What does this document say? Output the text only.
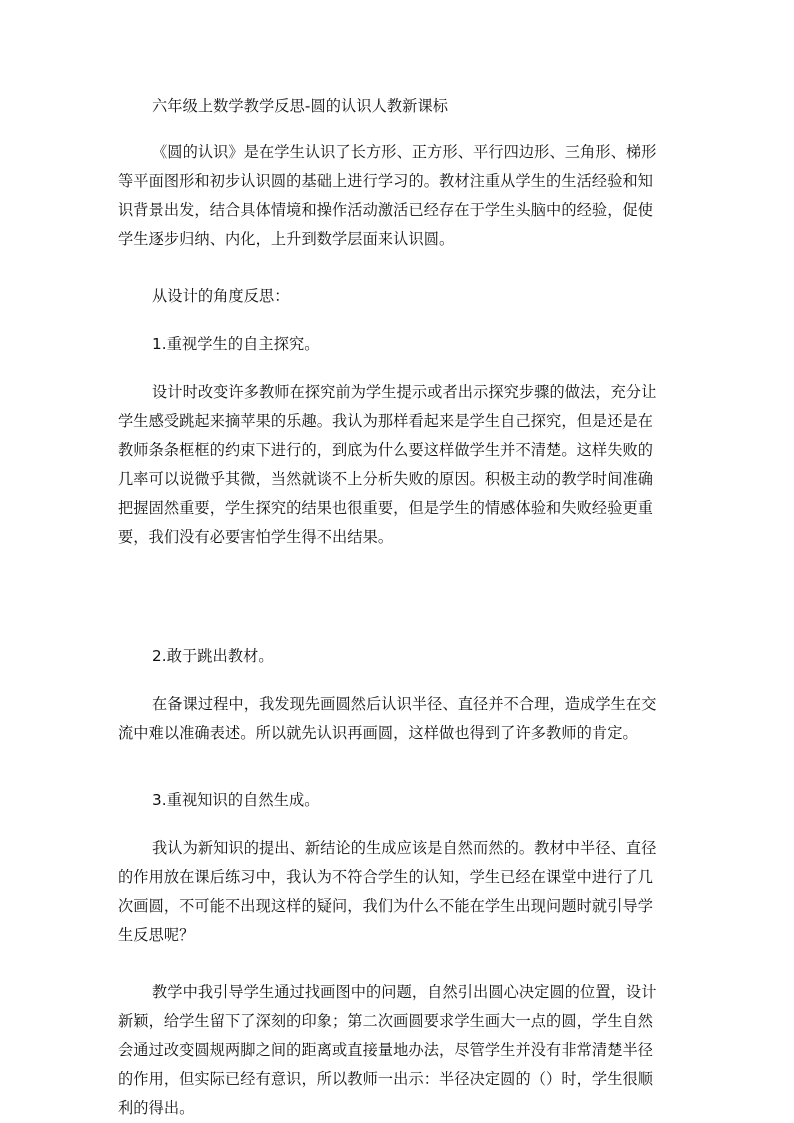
六年级上数学教学反思-圆的认识人教新课标
《圆的认识》是在学生认识了长方形、正方形、平行四边形、三角形、梯形
等平面图形和初步认识圆的基础上进行学习的。教材注重从学生的生活经验和知
识背景出发，结合具体情境和操作活动激活已经存在于学生头脑中的经验，促使
学生逐步归纳、内化，上升到数学层面来认识圆。
从设计的角度反思：
1.重视学生的自主探究。
设计时改变许多教师在探究前为学生提示或者出示探究步骤的做法，充分让
学生感受跳起来摘苹果的乐趣。我认为那样看起来是学生自己探究，但是还是在
教师条条框框的约束下进行的，到底为什么要这样做学生并不清楚。这样失败的
几率可以说微乎其微，当然就谈不上分析失败的原因。积极主动的教学时间准确
把握固然重要，学生探究的结果也很重要，但是学生的情感体验和失败经验更重
要，我们没有必要害怕学生得不出结果。
2.敢于跳出教材。
在备课过程中，我发现先画圆然后认识半径、直径并不合理，造成学生在交
流中难以准确表述。所以就先认识再画圆，这样做也得到了许多教师的肯定。
3.重视知识的自然生成。
我认为新知识的提出、新结论的生成应该是自然而然的。教材中半径、直径
的作用放在课后练习中，我认为不符合学生的认知，学生已经在课堂中进行了几
次画圆，不可能不出现这样的疑问，我们为什么不能在学生出现问题时就引导学
生反思呢？
教学中我引导学生通过找画图中的问题，自然引出圆心决定圆的位置，设计
新颖，给学生留下了深刻的印象；第二次画圆要求学生画大一点的圆，学生自然
会通过改变圆规两脚之间的距离或直接量地办法，尽管学生并没有非常清楚半径
的作用，但实际已经有意识，所以教师一出示：半径决定圆的（）时，学生很顺
利的得出。
